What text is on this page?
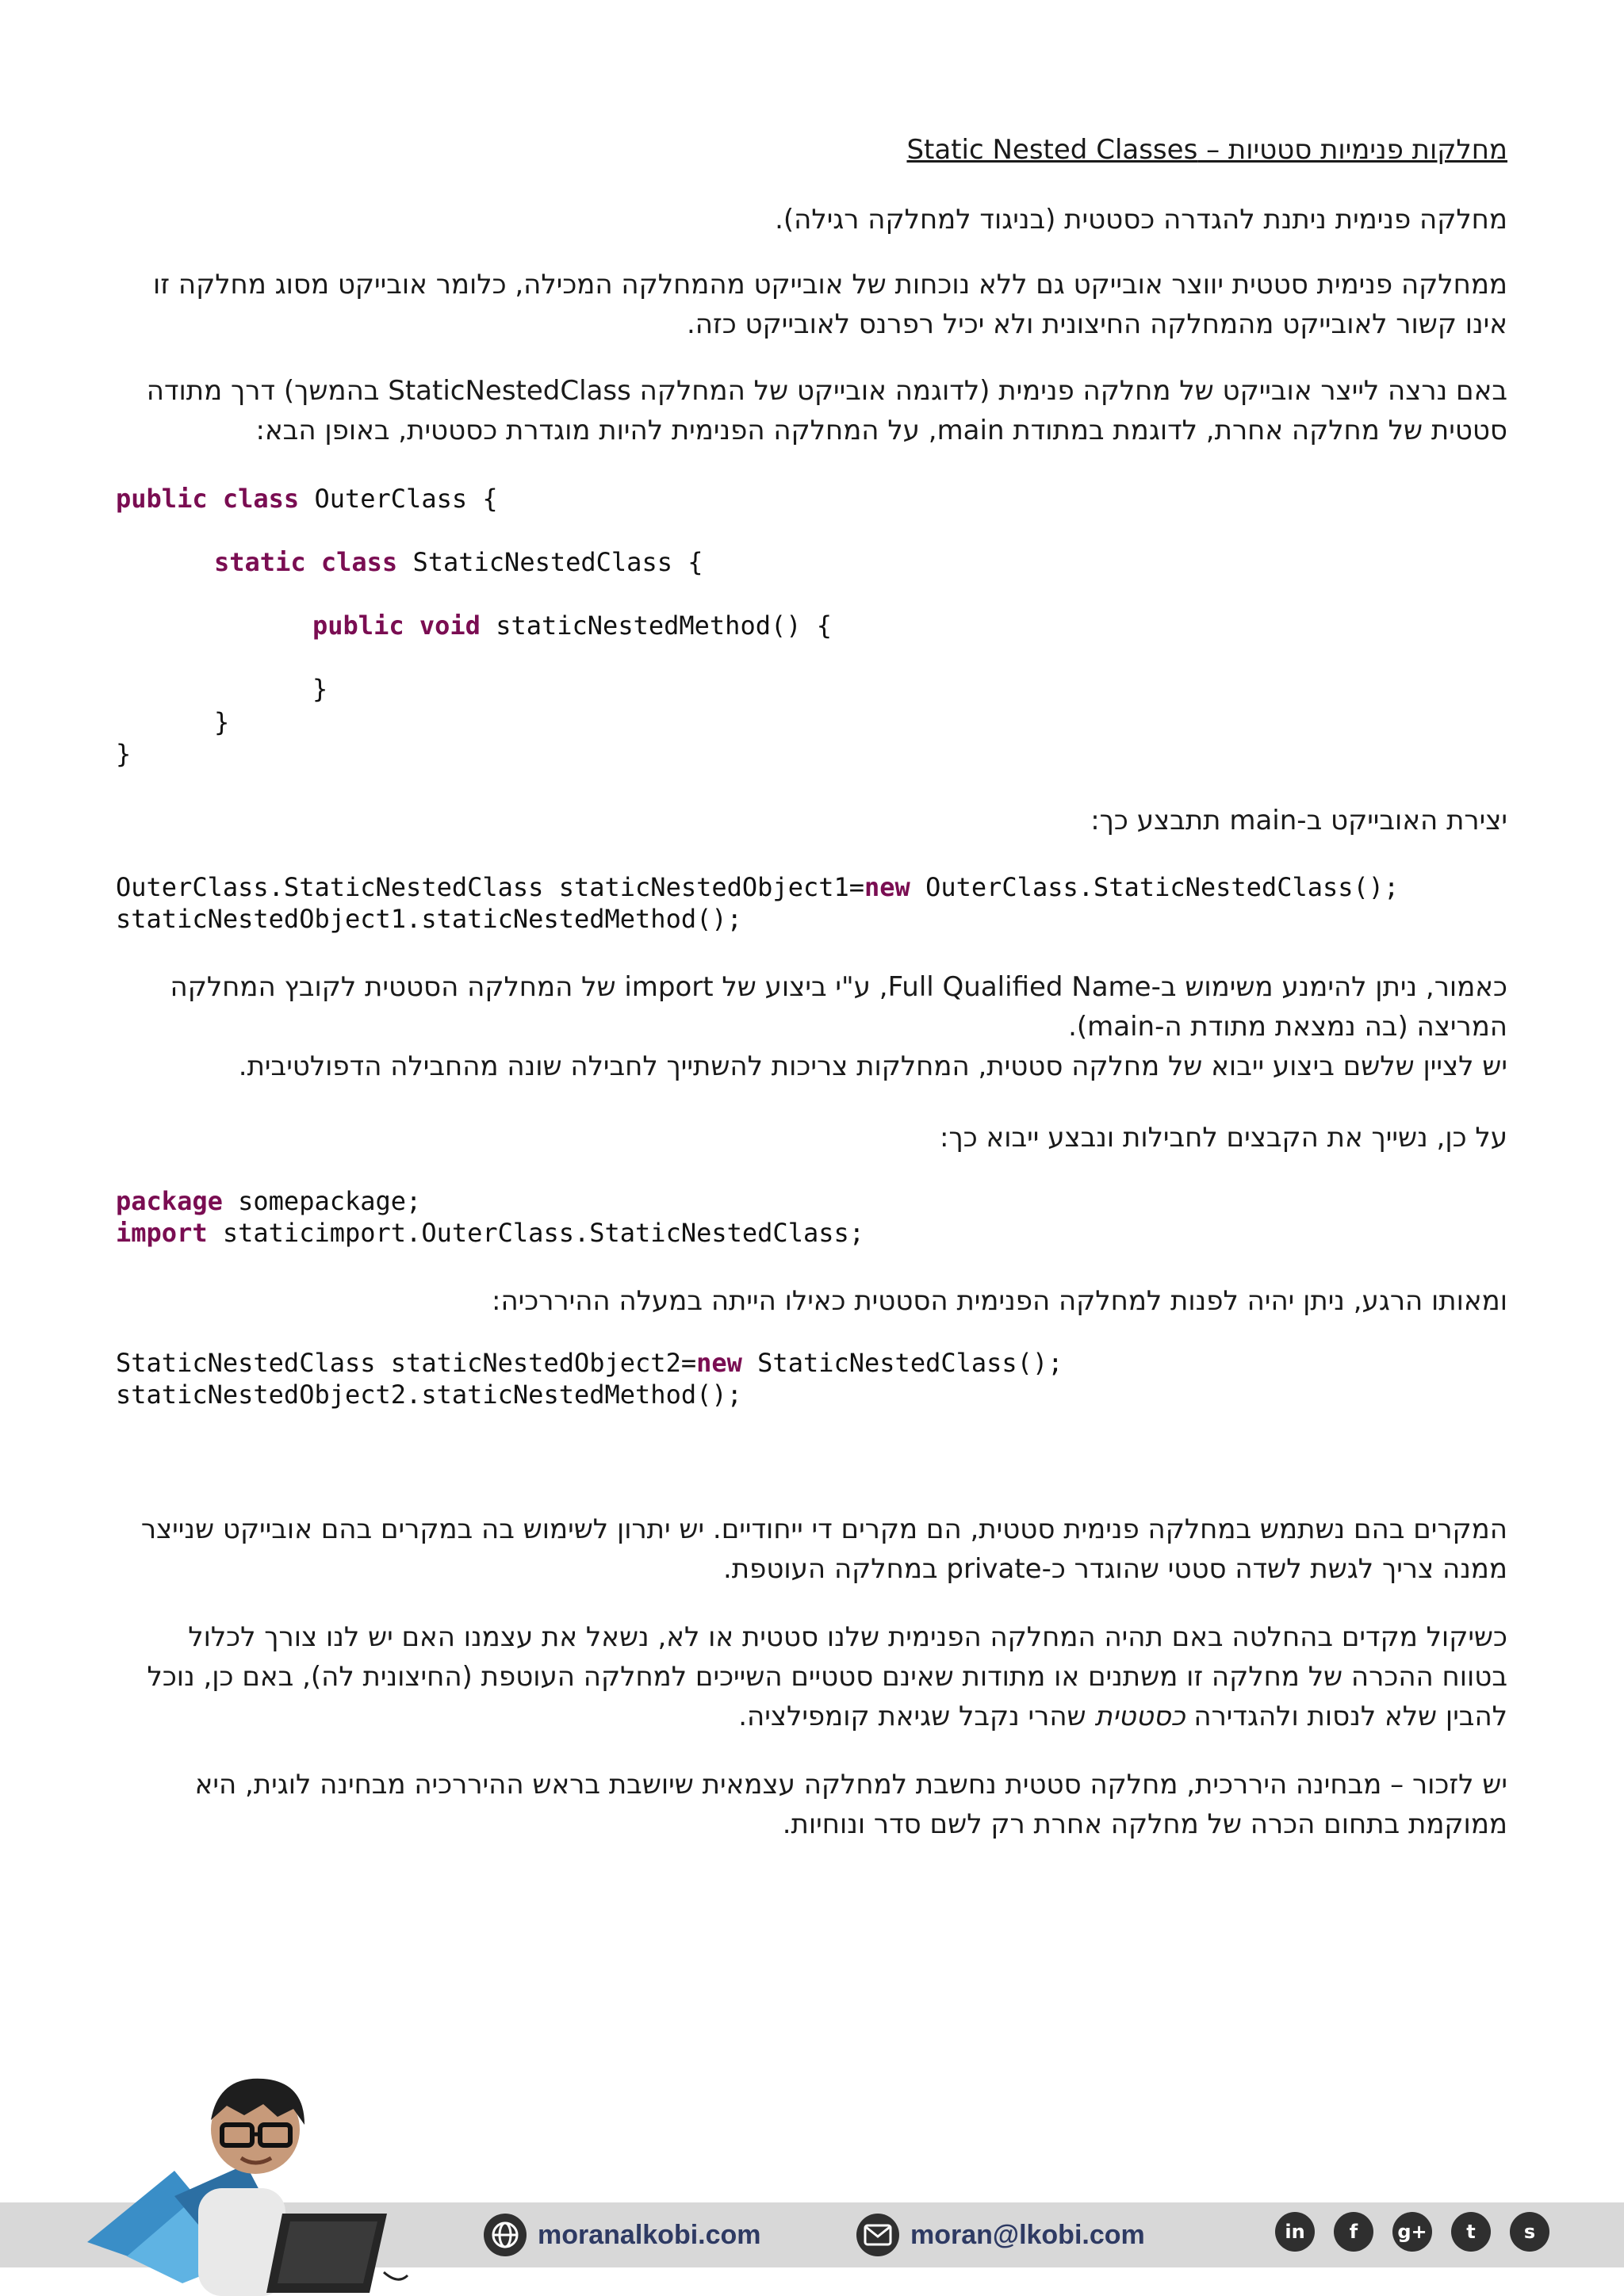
מחלקות פנימיות סטטיות – Static Nested Classes

מחלקה פנימית ניתנת להגדרה כסטטית (בניגוד למחלקה רגילה).

ממחלקה פנימית סטטית יווצר אובייקט גם ללא נוכחות של אובייקט מהמחלקה המכילה, כלומר אובייקט מסוג מחלקה זו אינו קשור לאובייקט מהמחלקה החיצונית ולא יכיל רפרנס לאובייקט כזה.

באם נרצה לייצר אובייקט של מחלקה פנימית (לדוגמה אובייקט של המחלקה StaticNestedClass בהמשך) דרך מתודה סטטית של מחלקה אחרת, לדוגמת במתודת main, על המחלקה הפנימית להיות מוגדרת כסטטית, באופן הבא:

public class OuterClass {
static class StaticNestedClass {
public void staticNestedMethod() {
}
}
}

יצירת האובייקט ב-main תתבצע כך:

OuterClass.StaticNestedClass staticNestedObject1=new OuterClass.StaticNestedClass();
staticNestedObject1.staticNestedMethod();

כאמור, ניתן להימנע משימוש ב-Full Qualified Name, ע"י ביצוע של import של המחלקה הסטטית לקובץ המחלקה המריצה (בה נמצאת מתודת ה-main).

יש לציין שלשם ביצוע ייבוא של מחלקה סטטית, המחלקות צריכות להשתייך לחבילה שונה מהחבילה הדפולטיבית.

על כן, נשייך את הקבצים לחבילות ונבצע ייבוא כך:

package somepackage;
import staticimport.OuterClass.StaticNestedClass;

ומאותו הרגע, ניתן יהיה לפנות למחלקה הפנימית הסטטית כאילו הייתה במעלה ההיררכיה:

StaticNestedClass staticNestedObject2=new StaticNestedClass();
staticNestedObject2.staticNestedMethod();

המקרים בהם נשתמש במחלקה פנימית סטטית, הם מקרים די ייחודיים. יש יתרון לשימוש בה במקרים בהם אובייקט שנייצר ממנה צריך לגשת לשדה סטטי שהוגדר כ-private במחלקה העוטפת.

כשיקול מקדים בהחלטה באם תהיה המחלקה הפנימית שלנו סטטית או לא, נשאל את עצמנו האם יש לנו צורך לכלול בטווח ההכרה של מחלקה זו משתנים או מתודות שאינם סטטיים השייכים למחלקה העוטפת (החיצונית לה), באם כן, נוכל להבין שלא לנסות ולהגדירה כסטטית שהרי נקבל שגיאת קומפילציה.

יש לזכור – מבחינה היררכית, מחלקה סטטית נחשבת למחלקה עצמאית שיושבת בראש ההיררכיה מבחינה לוגית, היא ממוקמת בתחום הכרה של מחלקה אחרת רק לשם סדר ונוחיות.

moranalkobi.com	moran@lkobi.com	in	f	g+	t	s
